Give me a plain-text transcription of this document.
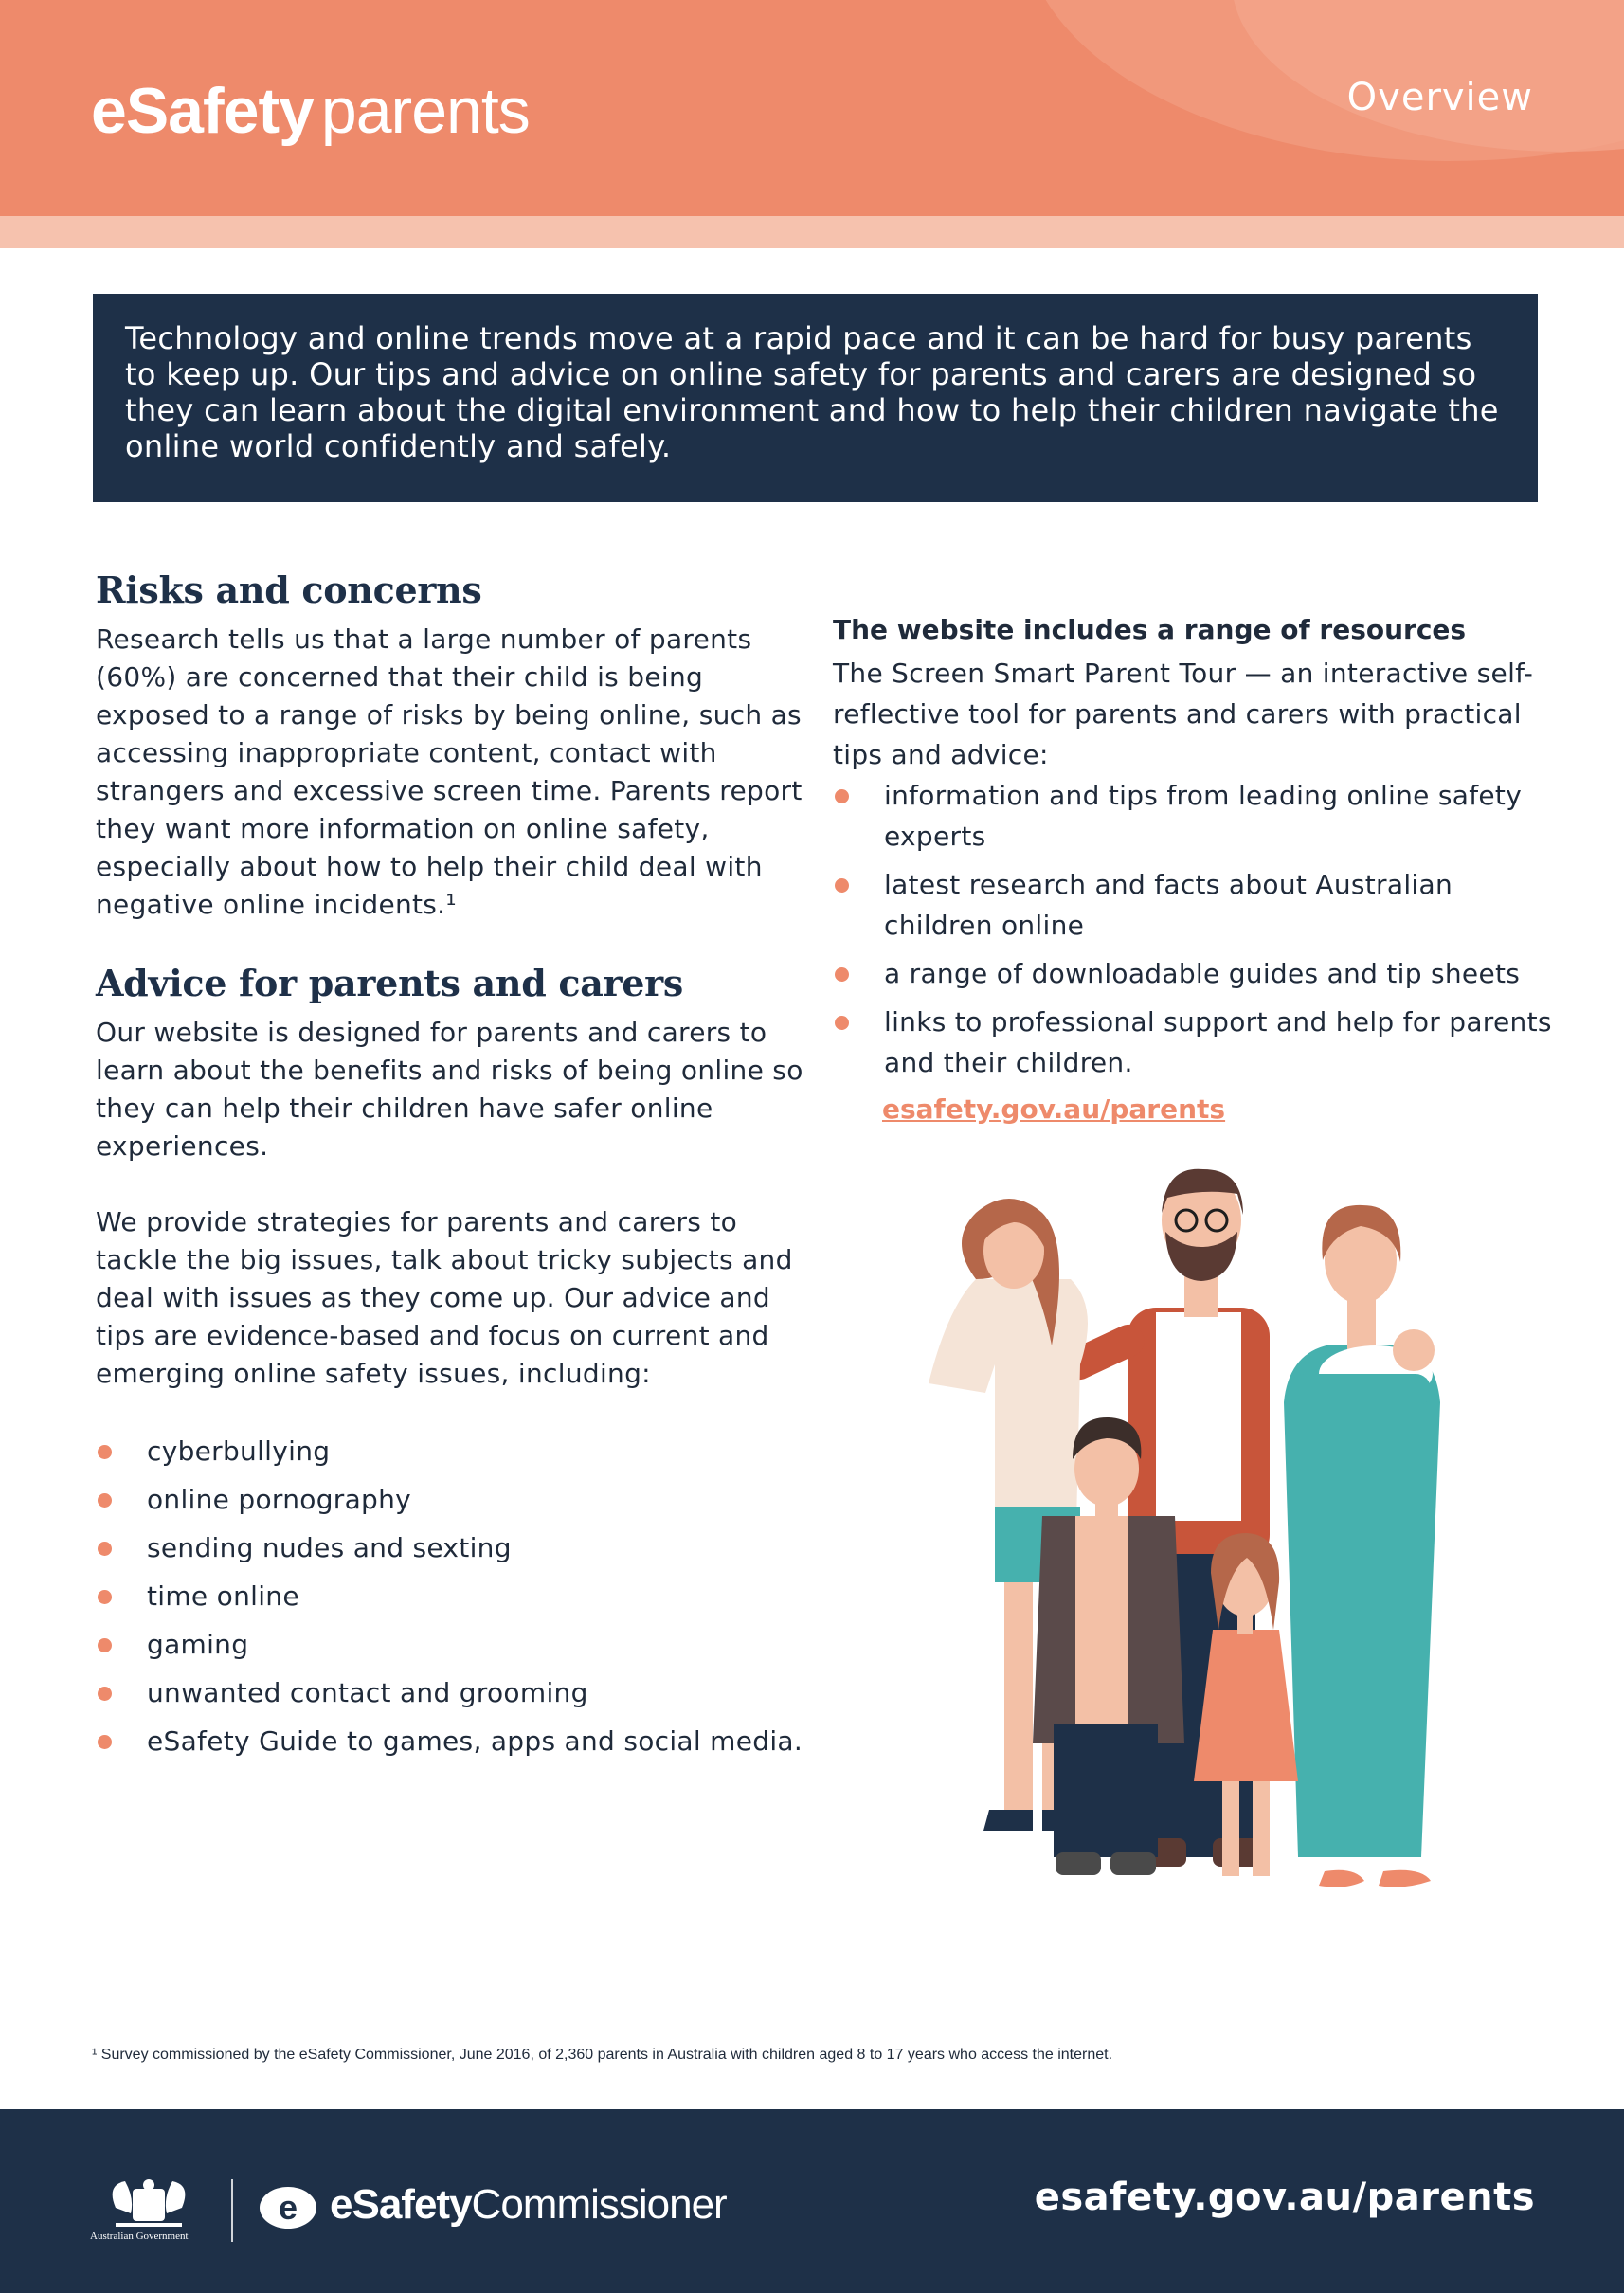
eSafety parents	Overview
Technology and online trends move at a rapid pace and it can be hard for busy parents to keep up. Our tips and advice on online safety for parents and carers are designed so they can learn about the digital environment and how to help their children navigate the online world confidently and safely.
Risks and concerns

Research tells us that a large number of parents (60%) are concerned that their child is being exposed to a range of risks by being online, such as accessing inappropriate content, contact with strangers and excessive screen time. Parents report they want more information on online safety, especially about how to help their child deal with negative online incidents.¹

Advice for parents and carers

Our website is designed for parents and carers to learn about the benefits and risks of being online so they can help their children have safer online experiences.

We provide strategies for parents and carers to tackle the big issues, talk about tricky subjects and deal with issues as they come up. Our advice and tips are evidence-based and focus on current and emerging online safety issues, including:

cyberbullying
online pornography
sending nudes and sexting
time online
gaming
unwanted contact and grooming
eSafety Guide to games, apps and social media.
The website includes a range of resources

The Screen Smart Parent Tour — an interactive self-reflective tool for parents and carers with practical tips and advice:

information and tips from leading online safety experts
latest research and facts about Australian children online
a range of downloadable guides and tip sheets
links to professional support and help for parents and their children.
esafety.gov.au/parents
¹ Survey commissioned by the eSafety Commissioner, June 2016, of 2,360 parents in Australia with children aged 8 to 17 years who access the internet.
Australian Government
e eSafetyCommissioner	esafety.gov.au/parents
